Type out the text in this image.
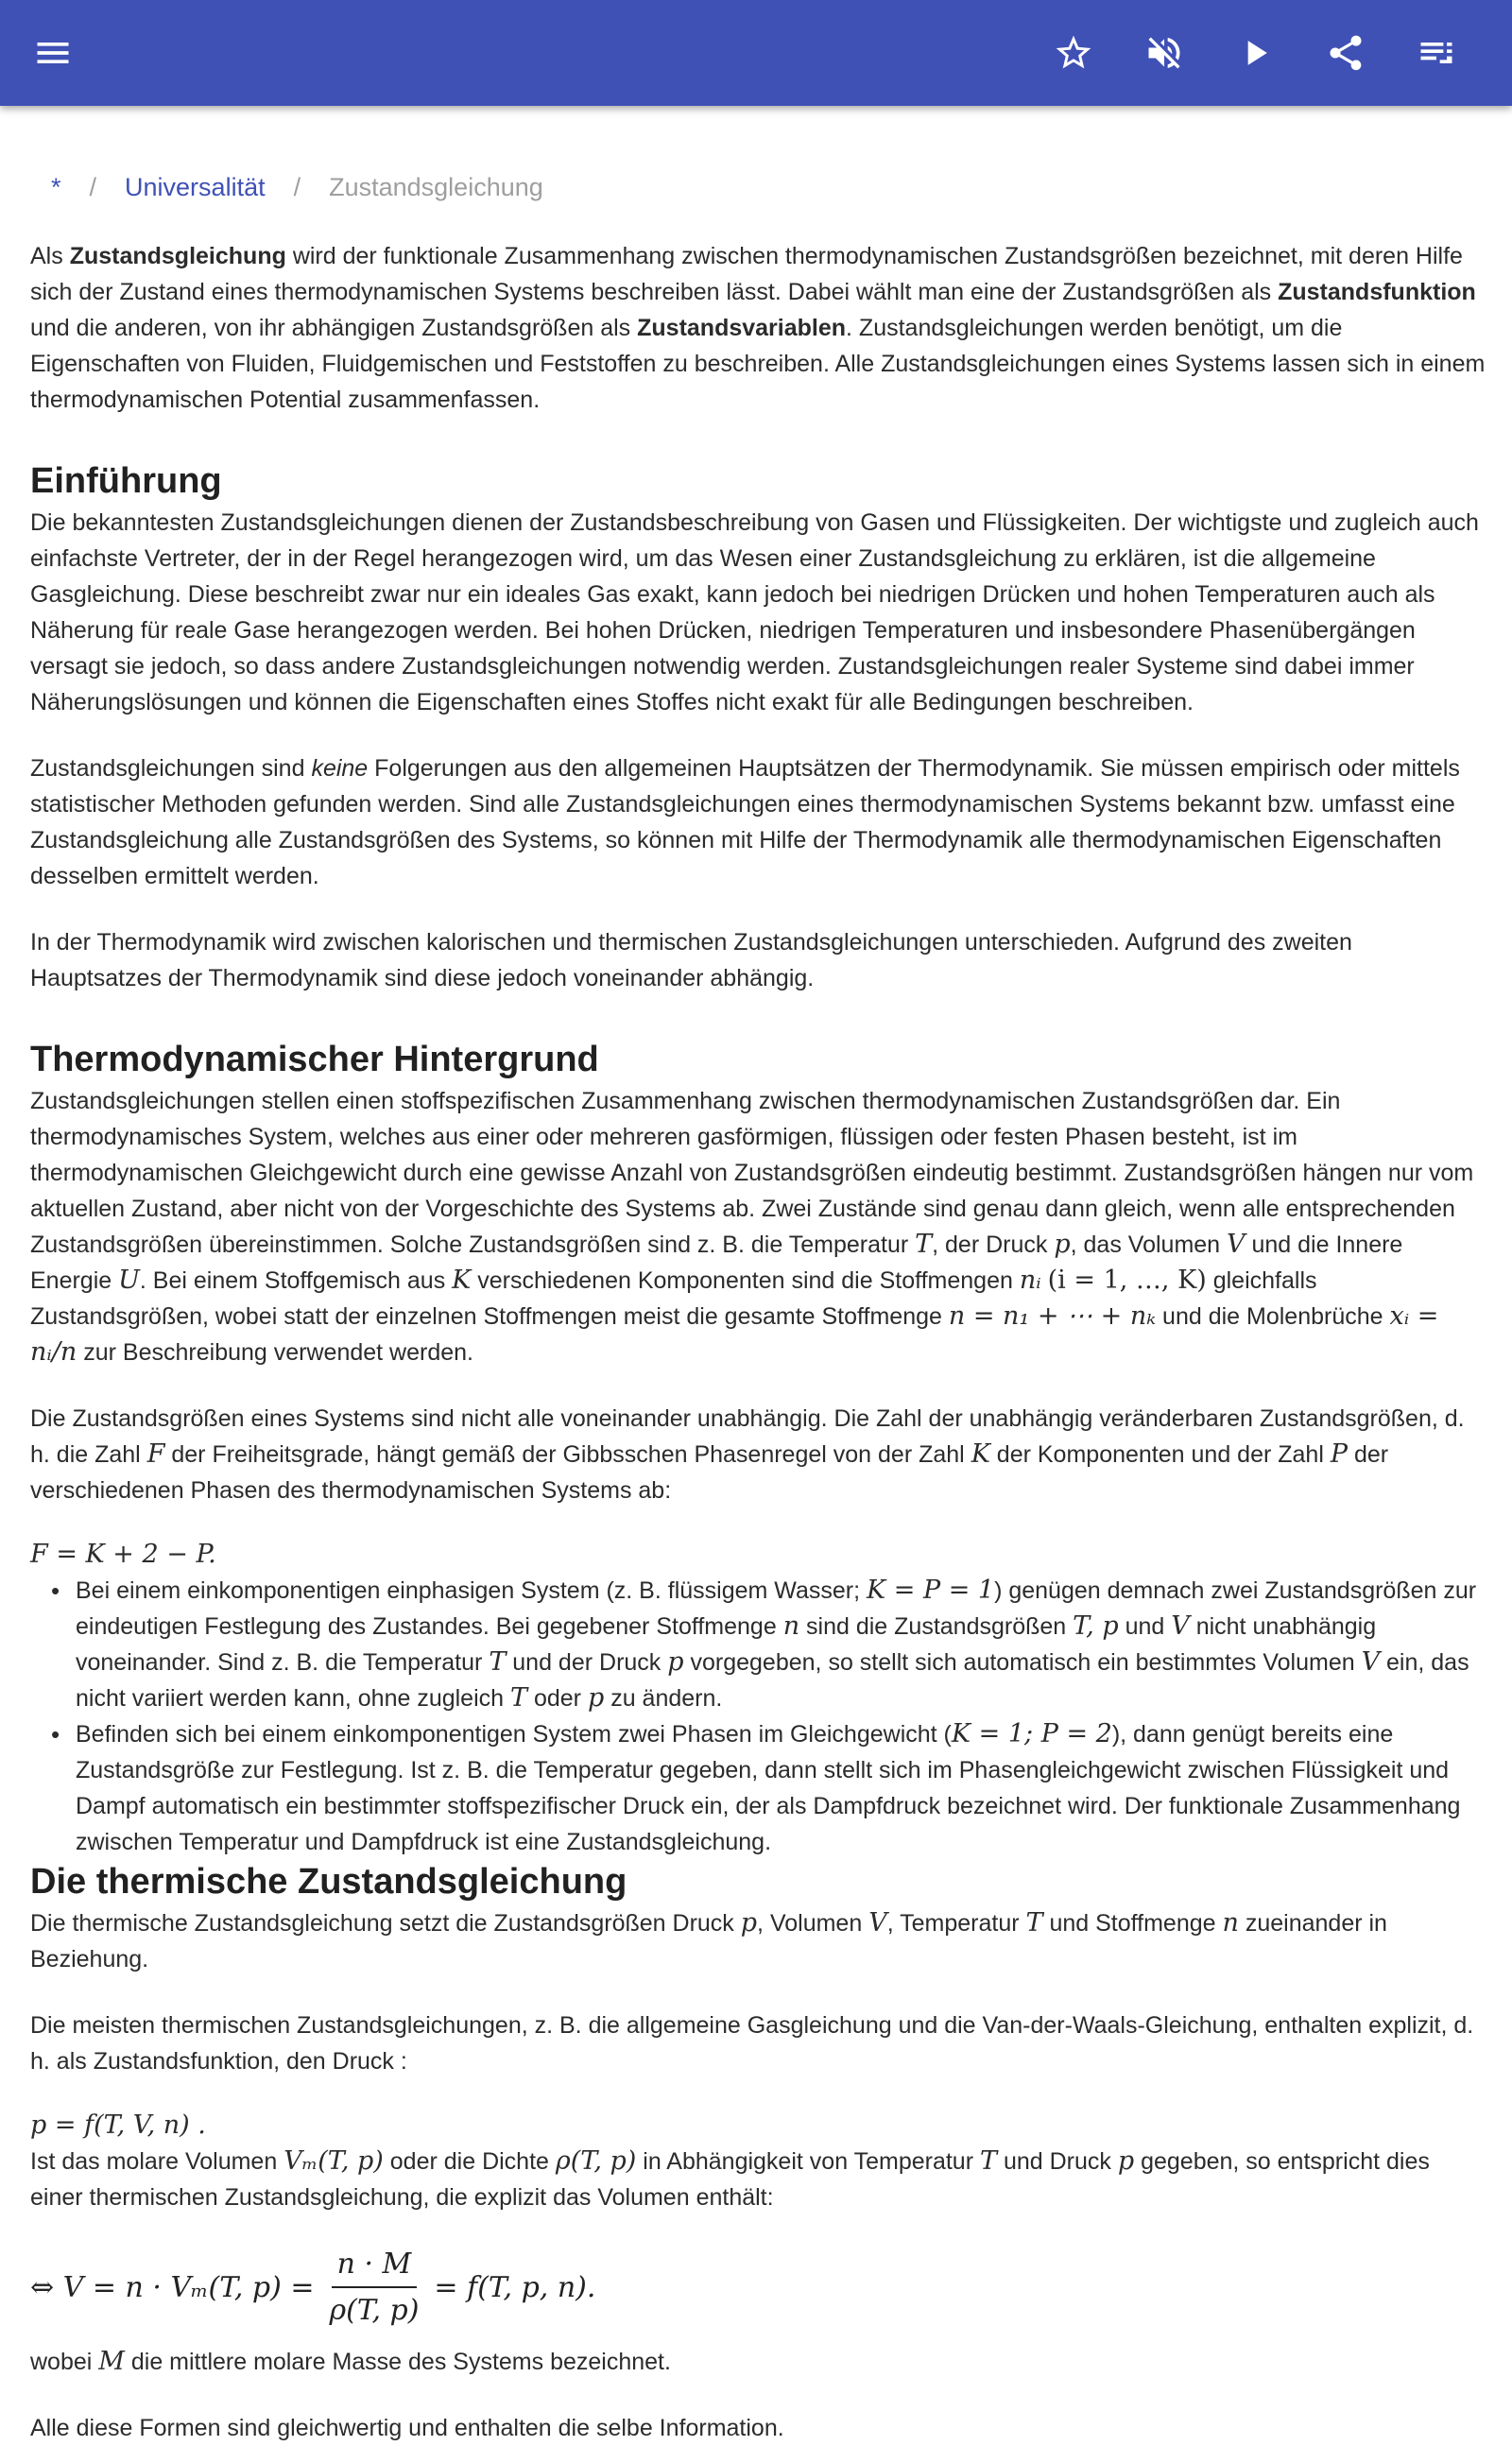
* / Universalität / Zustandsgleichung

Als Zustandsgleichung wird der funktionale Zusammenhang zwischen thermodynamischen Zustandsgrößen bezeichnet, mit deren Hilfe sich der Zustand eines thermodynamischen Systems beschreiben lässt. Dabei wählt man eine der Zustandsgrößen als Zustandsfunktion und die anderen, von ihr abhängigen Zustandsgrößen als Zustandsvariablen. Zustandsgleichungen werden benötigt, um die Eigenschaften von Fluiden, Fluidgemischen und Feststoffen zu beschreiben. Alle Zustandsgleichungen eines Systems lassen sich in einem thermodynamischen Potential zusammenfassen.

Einführung

Die bekanntesten Zustandsgleichungen dienen der Zustandsbeschreibung von Gasen und Flüssigkeiten. Der wichtigste und zugleich auch einfachste Vertreter, der in der Regel herangezogen wird, um das Wesen einer Zustandsgleichung zu erklären, ist die allgemeine Gasgleichung. Diese beschreibt zwar nur ein ideales Gas exakt, kann jedoch bei niedrigen Drücken und hohen Temperaturen auch als Näherung für reale Gase herangezogen werden. Bei hohen Drücken, niedrigen Temperaturen und insbesondere Phasenübergängen versagt sie jedoch, so dass andere Zustandsgleichungen notwendig werden. Zustandsgleichungen realer Systeme sind dabei immer Näherungslösungen und können die Eigenschaften eines Stoffes nicht exakt für alle Bedingungen beschreiben.

Zustandsgleichungen sind keine Folgerungen aus den allgemeinen Hauptsätzen der Thermodynamik. Sie müssen empirisch oder mittels statistischer Methoden gefunden werden. Sind alle Zustandsgleichungen eines thermodynamischen Systems bekannt bzw. umfasst eine Zustandsgleichung alle Zustandsgrößen des Systems, so können mit Hilfe der Thermodynamik alle thermodynamischen Eigenschaften desselben ermittelt werden.

In der Thermodynamik wird zwischen kalorischen und thermischen Zustandsgleichungen unterschieden. Aufgrund des zweiten Hauptsatzes der Thermodynamik sind diese jedoch voneinander abhängig.

Thermodynamischer Hintergrund

Zustandsgleichungen stellen einen stoffspezifischen Zusammenhang zwischen thermodynamischen Zustandsgrößen dar. Ein thermodynamisches System, welches aus einer oder mehreren gasförmigen, flüssigen oder festen Phasen besteht, ist im thermodynamischen Gleichgewicht durch eine gewisse Anzahl von Zustandsgrößen eindeutig bestimmt. Zustandsgrößen hängen nur vom aktuellen Zustand, aber nicht von der Vorgeschichte des Systems ab. Zwei Zustände sind genau dann gleich, wenn alle entsprechenden Zustandsgrößen übereinstimmen. Solche Zustandsgrößen sind z. B. die Temperatur T, der Druck p, das Volumen V und die Innere Energie U. Bei einem Stoffgemisch aus K verschiedenen Komponenten sind die Stoffmengen nᵢ (i = 1, …, K) gleichfalls Zustandsgrößen, wobei statt der einzelnen Stoffmengen meist die gesamte Stoffmenge n = n₁ + ⋯ + nₖ und die Molenbrüche xᵢ = nᵢ/n zur Beschreibung verwendet werden.

Die Zustandsgrößen eines Systems sind nicht alle voneinander unabhängig. Die Zahl der unabhängig veränderbaren Zustandsgrößen, d. h. die Zahl F der Freiheitsgrade, hängt gemäß der Gibbsschen Phasenregel von der Zahl K der Komponenten und der Zahl P der verschiedenen Phasen des thermodynamischen Systems ab:

F = K + 2 − P.

• Bei einem einkomponentigen einphasigen System (z. B. flüssigem Wasser; K = P = 1) genügen demnach zwei Zustandsgrößen zur eindeutigen Festlegung des Zustandes. Bei gegebener Stoffmenge n sind die Zustandsgrößen T, p und V nicht unabhängig voneinander. Sind z. B. die Temperatur T und der Druck p vorgegeben, so stellt sich automatisch ein bestimmtes Volumen V ein, das nicht variiert werden kann, ohne zugleich T oder p zu ändern.
• Befinden sich bei einem einkomponentigen System zwei Phasen im Gleichgewicht (K = 1; P = 2), dann genügt bereits eine Zustandsgröße zur Festlegung. Ist z. B. die Temperatur gegeben, dann stellt sich im Phasengleichgewicht zwischen Flüssigkeit und Dampf automatisch ein bestimmter stoffspezifischer Druck ein, der als Dampfdruck bezeichnet wird. Der funktionale Zusammenhang zwischen Temperatur und Dampfdruck ist eine Zustandsgleichung.
Die thermische Zustandsgleichung

Die thermische Zustandsgleichung setzt die Zustandsgrößen Druck p, Volumen V, Temperatur T und Stoffmenge n zueinander in Beziehung.

Die meisten thermischen Zustandsgleichungen, z. B. die allgemeine Gasgleichung und die Van-der-Waals-Gleichung, enthalten explizit, d. h. als Zustandsfunktion, den Druck :

p = f(T, V, n) .

Ist das molare Volumen Vₘ(T, p) oder die Dichte ρ(T, p) in Abhängigkeit von Temperatur T und Druck p gegeben, so entspricht dies einer thermischen Zustandsgleichung, die explizit das Volumen enthält:

⇔ V = n · Vₘ(T, $p) = \frac{n \cdot M}{\rho(T, p)} = f(T$, p, n).

wobei M die mittlere molare Masse des Systems bezeichnet.

Alle diese Formen sind gleichwertig und enthalten die selbe Information.
